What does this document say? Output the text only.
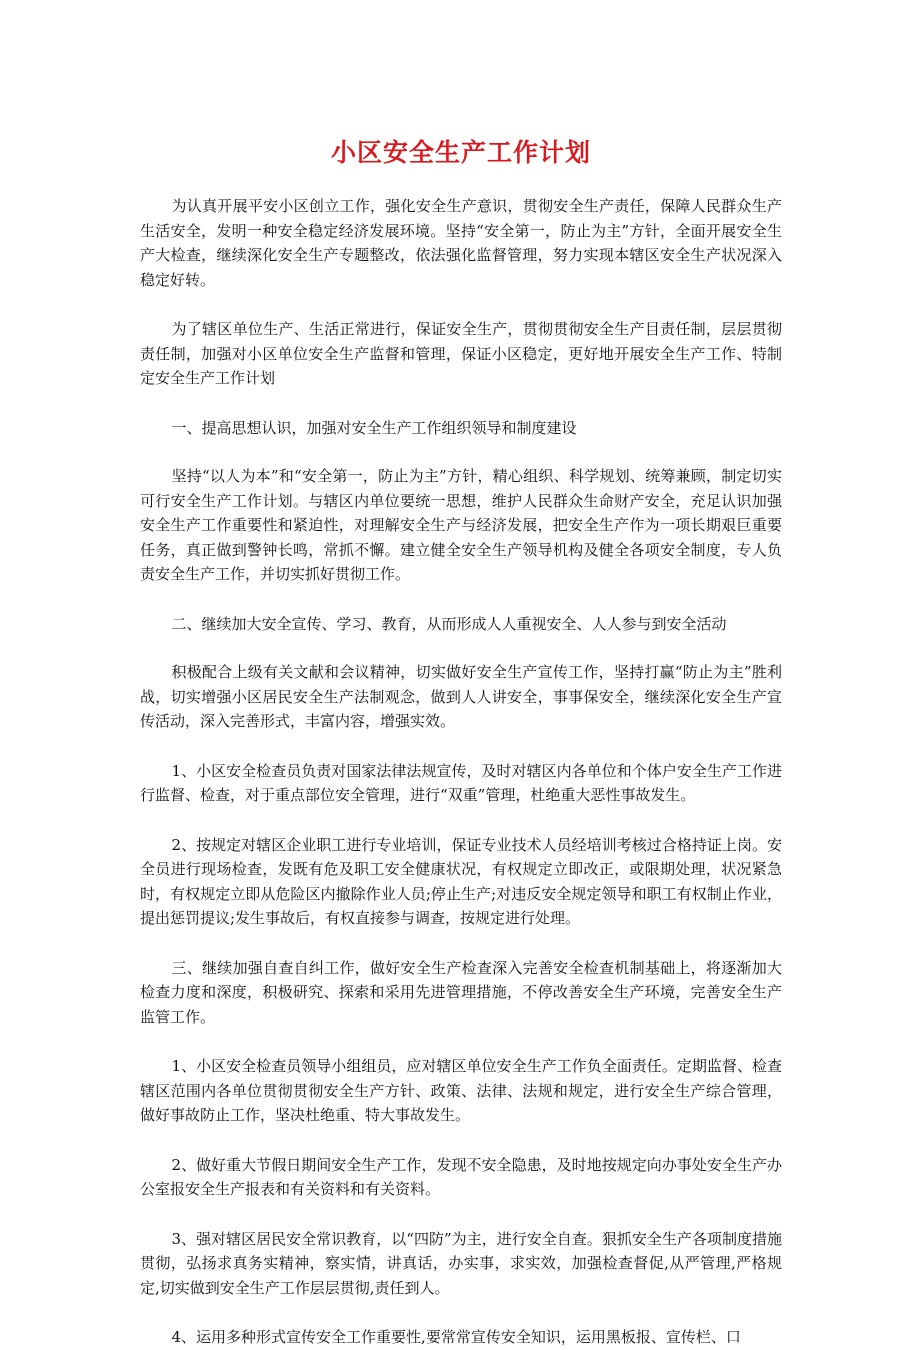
小区安全生产工作计划

为认真开展平安小区创立工作，强化安全生产意识，贯彻安全生产责任，保障人民群众生产生活安全，发明一种安全稳定经济发展环境。坚持“安全第一，防止为主”方针，全面开展安全生产大检查，继续深化安全生产专题整改，依法强化监督管理，努力实现本辖区安全生产状况深入稳定好转。

为了辖区单位生产、生活正常进行，保证安全生产，贯彻贯彻安全生产目责任制，层层贯彻责任制，加强对小区单位安全生产监督和管理，保证小区稳定，更好地开展安全生产工作、特制定安全生产工作计划

一、提高思想认识，加强对安全生产工作组织领导和制度建设

坚持“以人为本”和“安全第一，防止为主”方针，精心组织、科学规划、统筹兼顾，制定切实可行安全生产工作计划。与辖区内单位要统一思想，维护人民群众生命财产安全，充足认识加强安全生产工作重要性和紧迫性，对理解安全生产与经济发展，把安全生产作为一项长期艰巨重要任务，真正做到警钟长鸣，常抓不懈。建立健全安全生产领导机构及健全各项安全制度，专人负责安全生产工作，并切实抓好贯彻工作。

二、继续加大安全宣传、学习、教育，从而形成人人重视安全、人人参与到安全活动

积极配合上级有关文献和会议精神，切实做好安全生产宣传工作，坚持打赢“防止为主”胜利战，切实增强小区居民安全生产法制观念，做到人人讲安全，事事保安全，继续深化安全生产宣传活动，深入完善形式，丰富内容，增强实效。

1、小区安全检查员负责对国家法律法规宣传，及时对辖区内各单位和个体户安全生产工作进行监督、检查，对于重点部位安全管理，进行“双重”管理，杜绝重大恶性事故发生。

2、按规定对辖区企业职工进行专业培训，保证专业技术人员经培训考核过合格持证上岗。安全员进行现场检查，发既有危及职工安全健康状况，有权规定立即改正，或限期处理，状况紧急时，有权规定立即从危险区内撤除作业人员;停止生产;对违反安全规定领导和职工有权制止作业，提出惩罚提议;发生事故后，有权直接参与调查，按规定进行处理。

三、继续加强自查自纠工作，做好安全生产检查深入完善安全检查机制基础上，将逐渐加大检查力度和深度，积极研究、探索和采用先进管理措施，不停改善安全生产环境，完善安全生产监管工作。

1、小区安全检查员领导小组组员，应对辖区单位安全生产工作负全面责任。定期监督、检查辖区范围内各单位贯彻贯彻安全生产方针、政策、法律、法规和规定，进行安全生产综合管理，做好事故防止工作，坚决杜绝重、特大事故发生。

2、做好重大节假日期间安全生产工作，发现不安全隐患，及时地按规定向办事处安全生产办公室报安全生产报表和有关资料和有关资料。

3、强对辖区居民安全常识教育，以“四防”为主，进行安全自查。狠抓安全生产各项制度措施贯彻，弘扬求真务实精神，察实情，讲真话，办实事，求实效，加强检查督促,从严管理,严格规定,切实做到安全生产工作层层贯彻,责任到人。

4、运用多种形式宣传安全工作重要性,要常常宣传安全知识，运用黑板报、宣传栏、口
